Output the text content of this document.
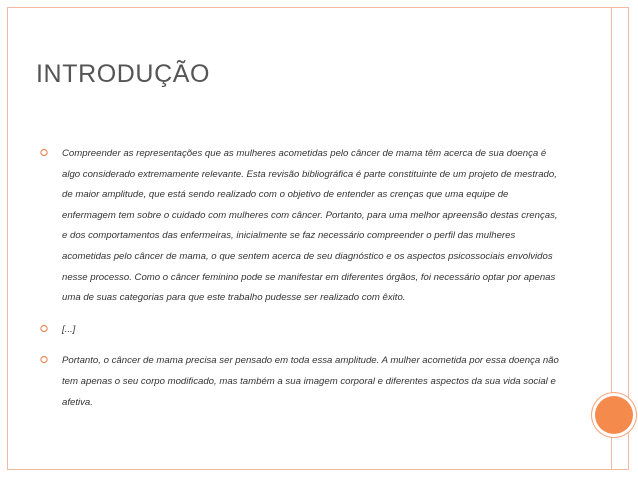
INTRODUÇÃO
⭘ Compreender as representações que as mulheres acometidas pelo câncer de mama têm acerca de sua doença é algo considerado extremamente relevante. Esta revisão bibliográfica é parte constituinte de um projeto de mestrado, de maior amplitude, que está sendo realizado com o objetivo de entender as crenças que uma equipe de enfermagem tem sobre o cuidado com mulheres com câncer. Portanto, para uma melhor apreensão destas crenças, e dos comportamentos das enfermeiras, inicialmente se faz necessário compreender o perfil das mulheres acometidas pelo câncer de mama, o que sentem acerca de seu diagnóstico e os aspectos psicossociais envolvidos nesse processo. Como o câncer feminino pode se manifestar em diferentes órgãos, foi necessário optar por apenas uma de suas categorias para que este trabalho pudesse ser realizado com êxito.
⭘ [...]
⭘ Portanto, o câncer de mama precisa ser pensado em toda essa amplitude. A mulher acometida por essa doença não tem apenas o seu corpo modificado, mas também a sua imagem corporal e diferentes aspectos da sua vida social e afetiva.
